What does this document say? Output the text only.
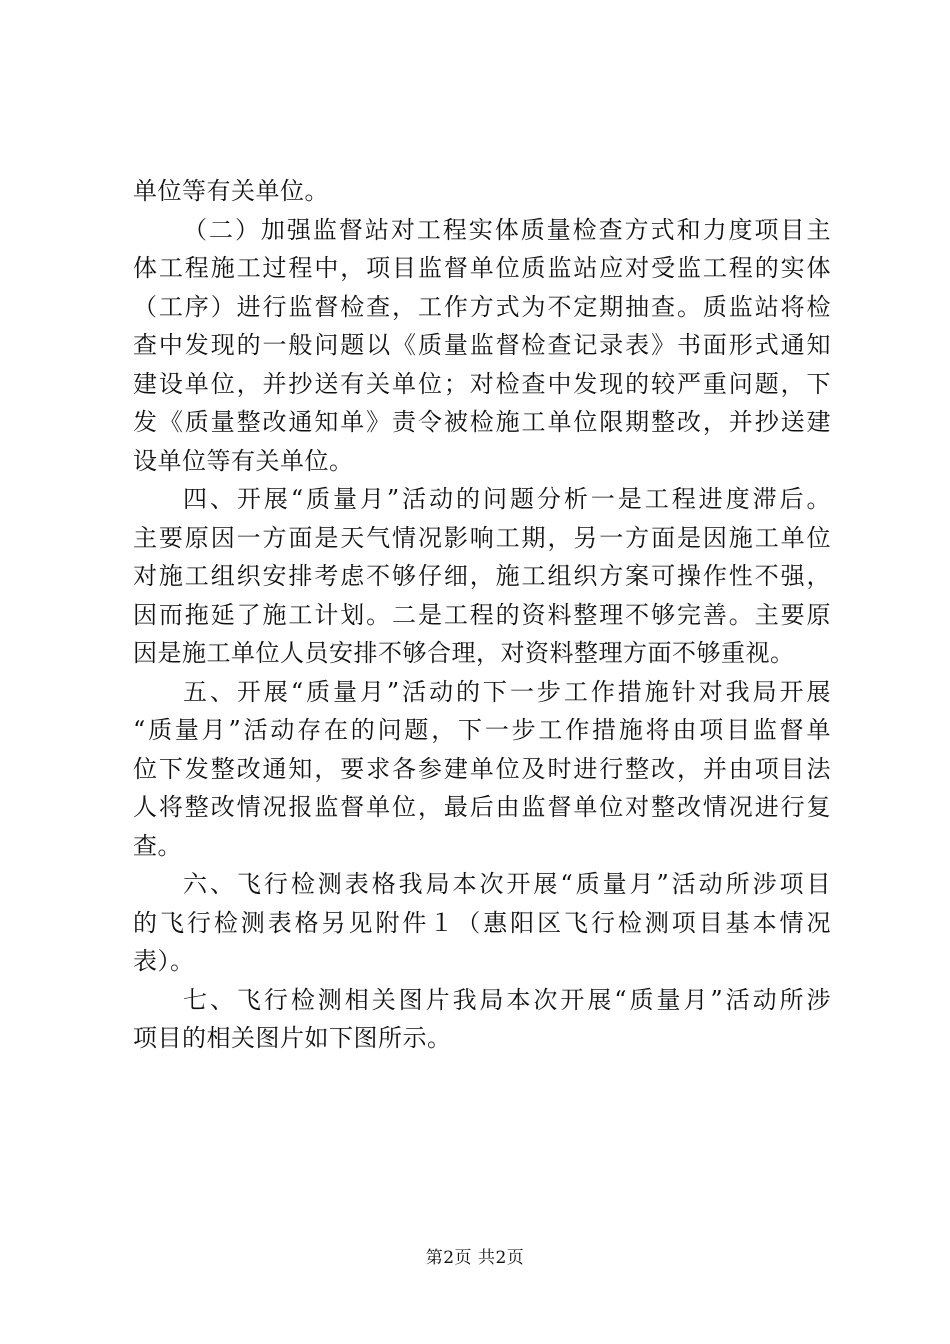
单位等有关单位。
（二）加强监督站对工程实体质量检查方式和力度项目主
体工程施工过程中，项目监督单位质监站应对受监工程的实体
（工序）进行监督检查，工作方式为不定期抽查。质监站将检
查中发现的一般问题以《质量监督检查记录表》书面形式通知
建设单位，并抄送有关单位；对检查中发现的较严重问题，下
发《质量整改通知单》责令被检施工单位限期整改，并抄送建
设单位等有关单位。
四、开展“质量月”活动的问题分析一是工程进度滞后。
主要原因一方面是天气情况影响工期，另一方面是因施工单位
对施工组织安排考虑不够仔细，施工组织方案可操作性不强，
因而拖延了施工计划。二是工程的资料整理不够完善。主要原
因是施工单位人员安排不够合理，对资料整理方面不够重视。
五、开展“质量月”活动的下一步工作措施针对我局开展
“质量月”活动存在的问题，下一步工作措施将由项目监督单
位下发整改通知，要求各参建单位及时进行整改，并由项目法
人将整改情况报监督单位，最后由监督单位对整改情况进行复
查。
六、飞行检测表格我局本次开展“质量月”活动所涉项目
的飞行检测表格另见附件１（惠阳区飞行检测项目基本情况
表）。
七、飞行检测相关图片我局本次开展“质量月”活动所涉
项目的相关图片如下图所示。
第2页 共2页
